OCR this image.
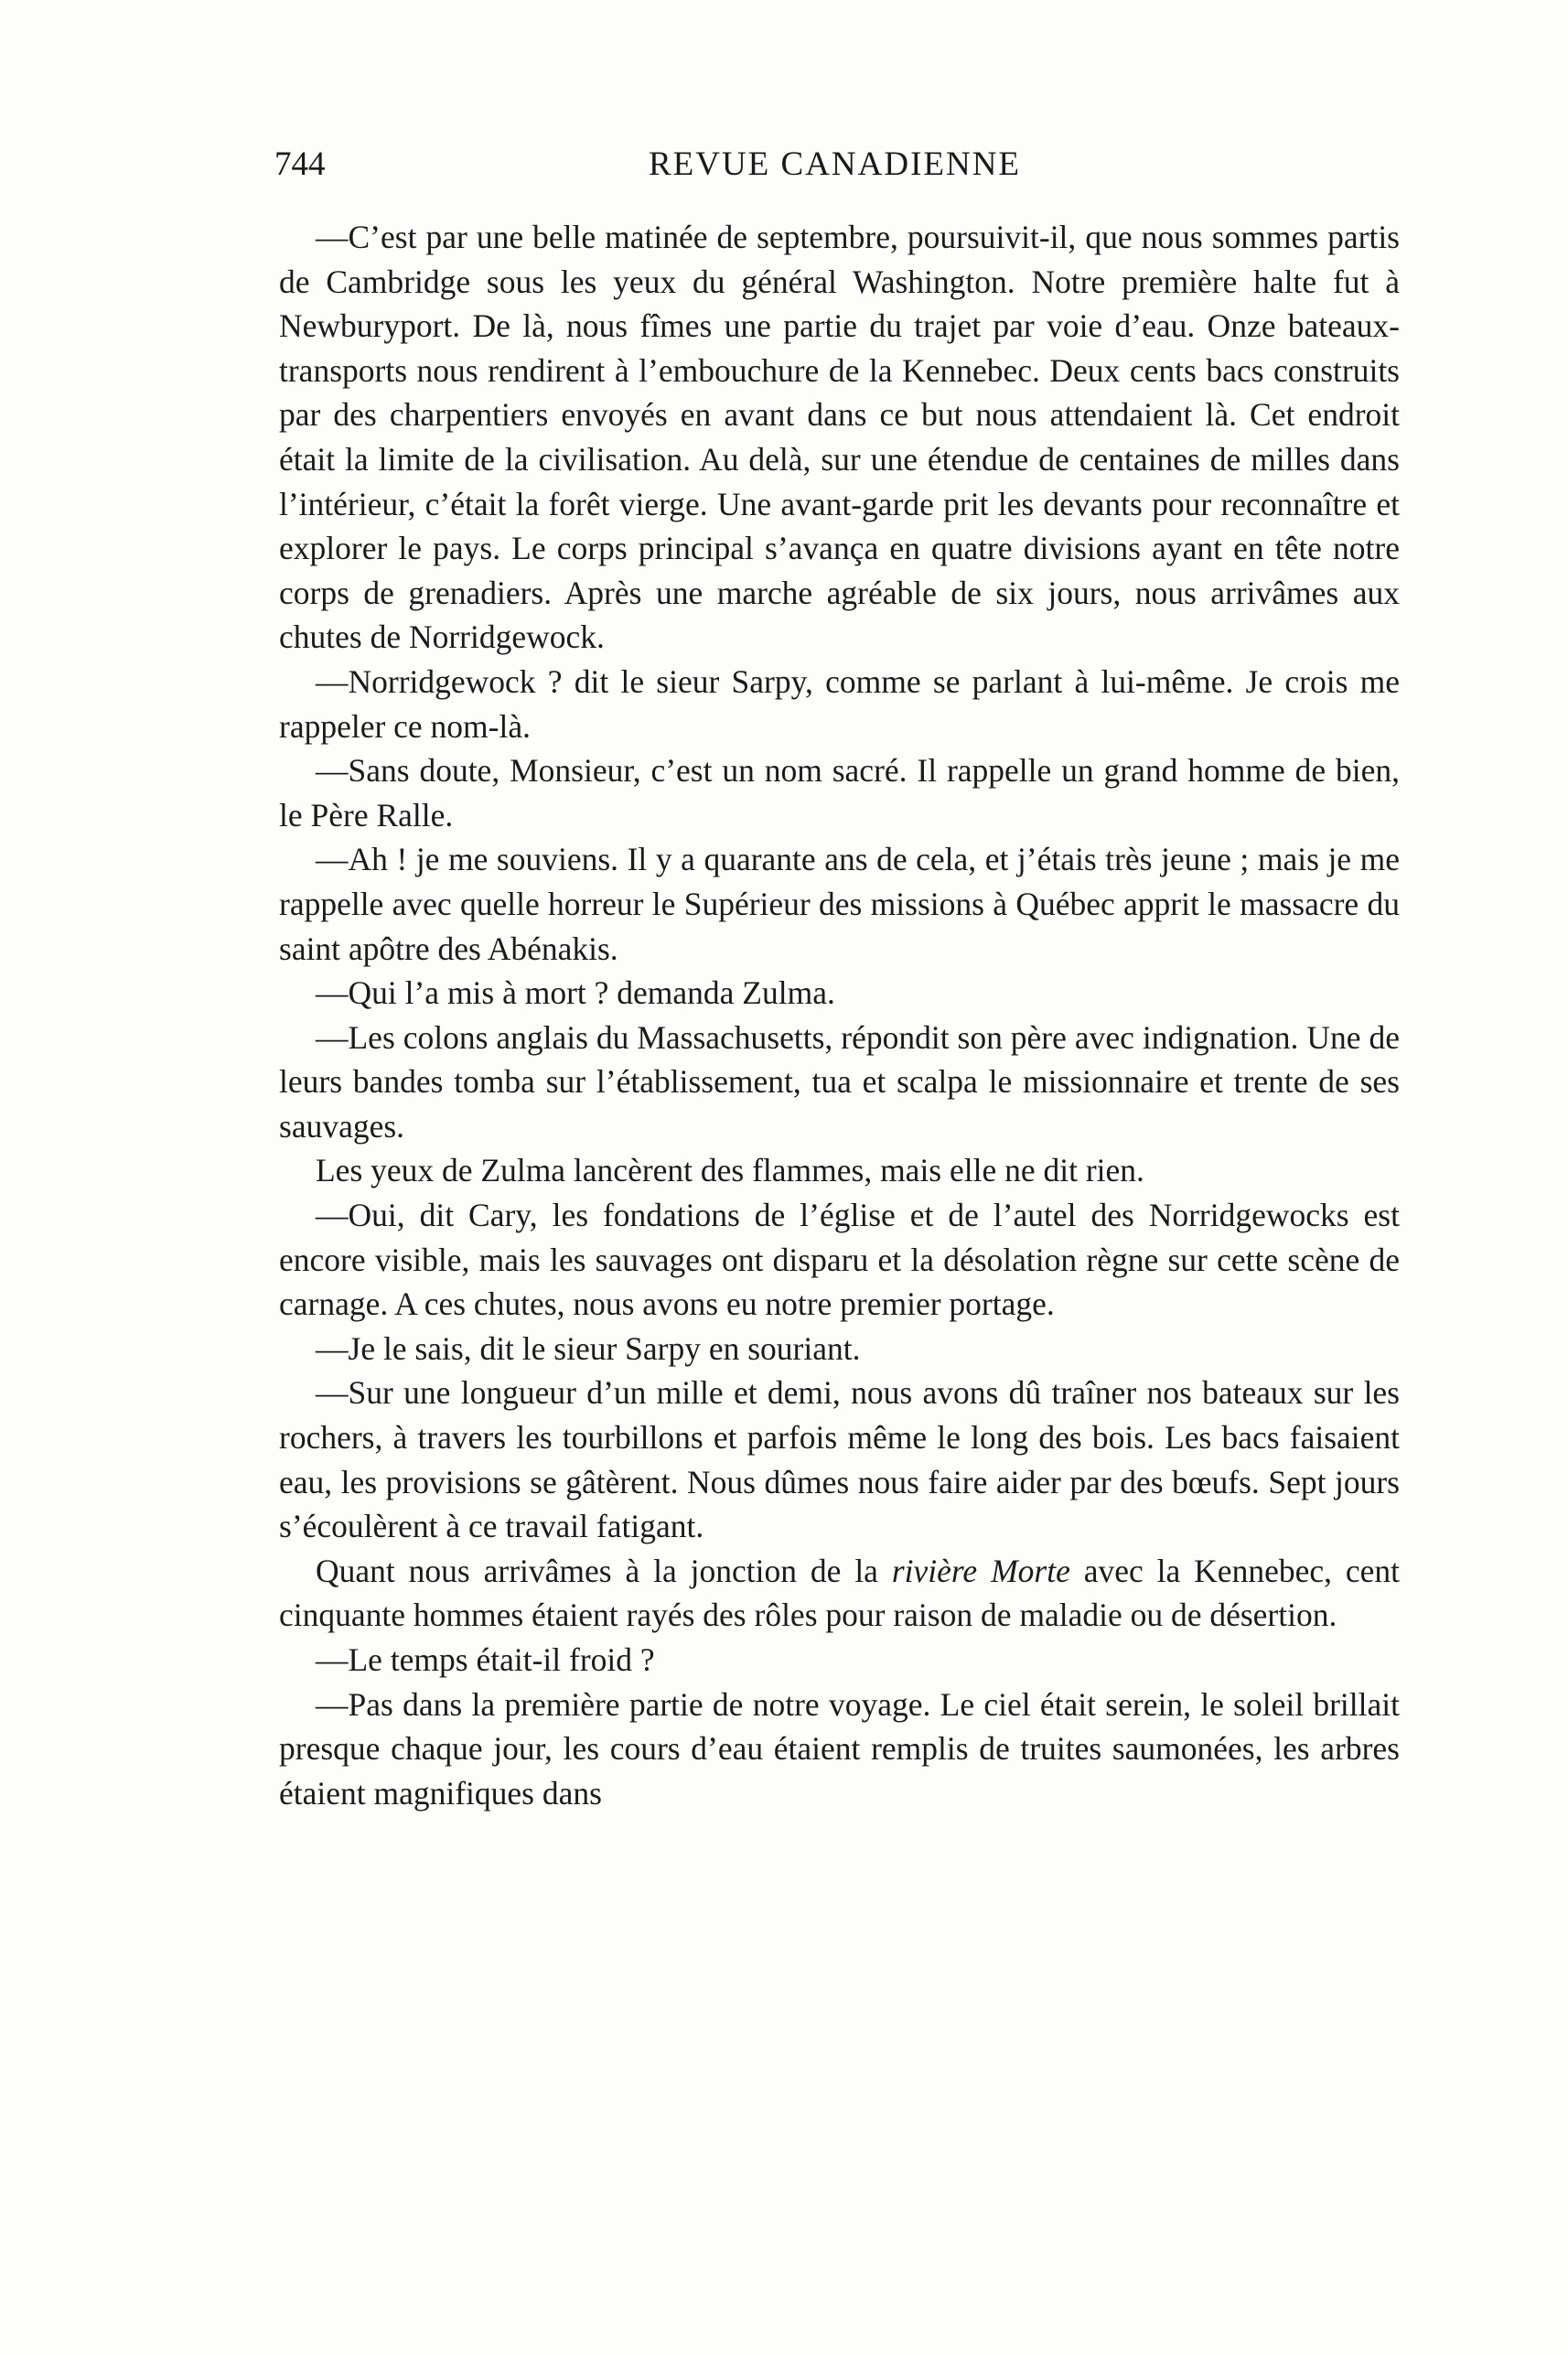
744	REVUE CANADIENNE

—C’est par une belle matinée de septembre, poursuivit-il, que nous sommes partis de Cambridge sous les yeux du général Washington. Notre première halte fut à Newburyport. De là, nous fîmes une partie du trajet par voie d’eau. Onze bateaux-transports nous rendirent à l’embouchure de la Kennebec. Deux cents bacs construits par des charpentiers envoyés en avant dans ce but nous attendaient là. Cet endroit était la limite de la civilisation. Au delà, sur une étendue de centaines de milles dans l’intérieur, c’était la forêt vierge. Une avant-garde prit les devants pour reconnaître et explorer le pays. Le corps principal s’avança en quatre divisions ayant en tête notre corps de grenadiers. Après une marche agréable de six jours, nous arrivâmes aux chutes de Norridgewock.

—Norridgewock ? dit le sieur Sarpy, comme se parlant à lui-même. Je crois me rappeler ce nom-là.

—Sans doute, Monsieur, c’est un nom sacré. Il rappelle un grand homme de bien, le Père Ralle.

—Ah ! je me souviens. Il y a quarante ans de cela, et j’étais très jeune ; mais je me rappelle avec quelle horreur le Supérieur des missions à Québec apprit le massacre du saint apôtre des Abénakis.

—Qui l’a mis à mort ? demanda Zulma.

—Les colons anglais du Massachusetts, répondit son père avec indignation. Une de leurs bandes tomba sur l’établissement, tua et scalpa le missionnaire et trente de ses sauvages.

Les yeux de Zulma lancèrent des flammes, mais elle ne dit rien.

—Oui, dit Cary, les fondations de l’église et de l’autel des Norridgewocks est encore visible, mais les sauvages ont disparu et la désolation règne sur cette scène de carnage. A ces chutes, nous avons eu notre premier portage.

—Je le sais, dit le sieur Sarpy en souriant.

—Sur une longueur d’un mille et demi, nous avons dû traîner nos bateaux sur les rochers, à travers les tourbillons et parfois même le long des bois. Les bacs faisaient eau, les provisions se gâtèrent. Nous dûmes nous faire aider par des bœufs. Sept jours s’écoulèrent à ce travail fatigant.

Quant nous arrivâmes à la jonction de la rivière Morte avec la Kennebec, cent cinquante hommes étaient rayés des rôles pour raison de maladie ou de désertion.

—Le temps était-il froid ?

—Pas dans la première partie de notre voyage. Le ciel était serein, le soleil brillait presque chaque jour, les cours d’eau étaient remplis de truites saumonées, les arbres étaient magnifiques dans
